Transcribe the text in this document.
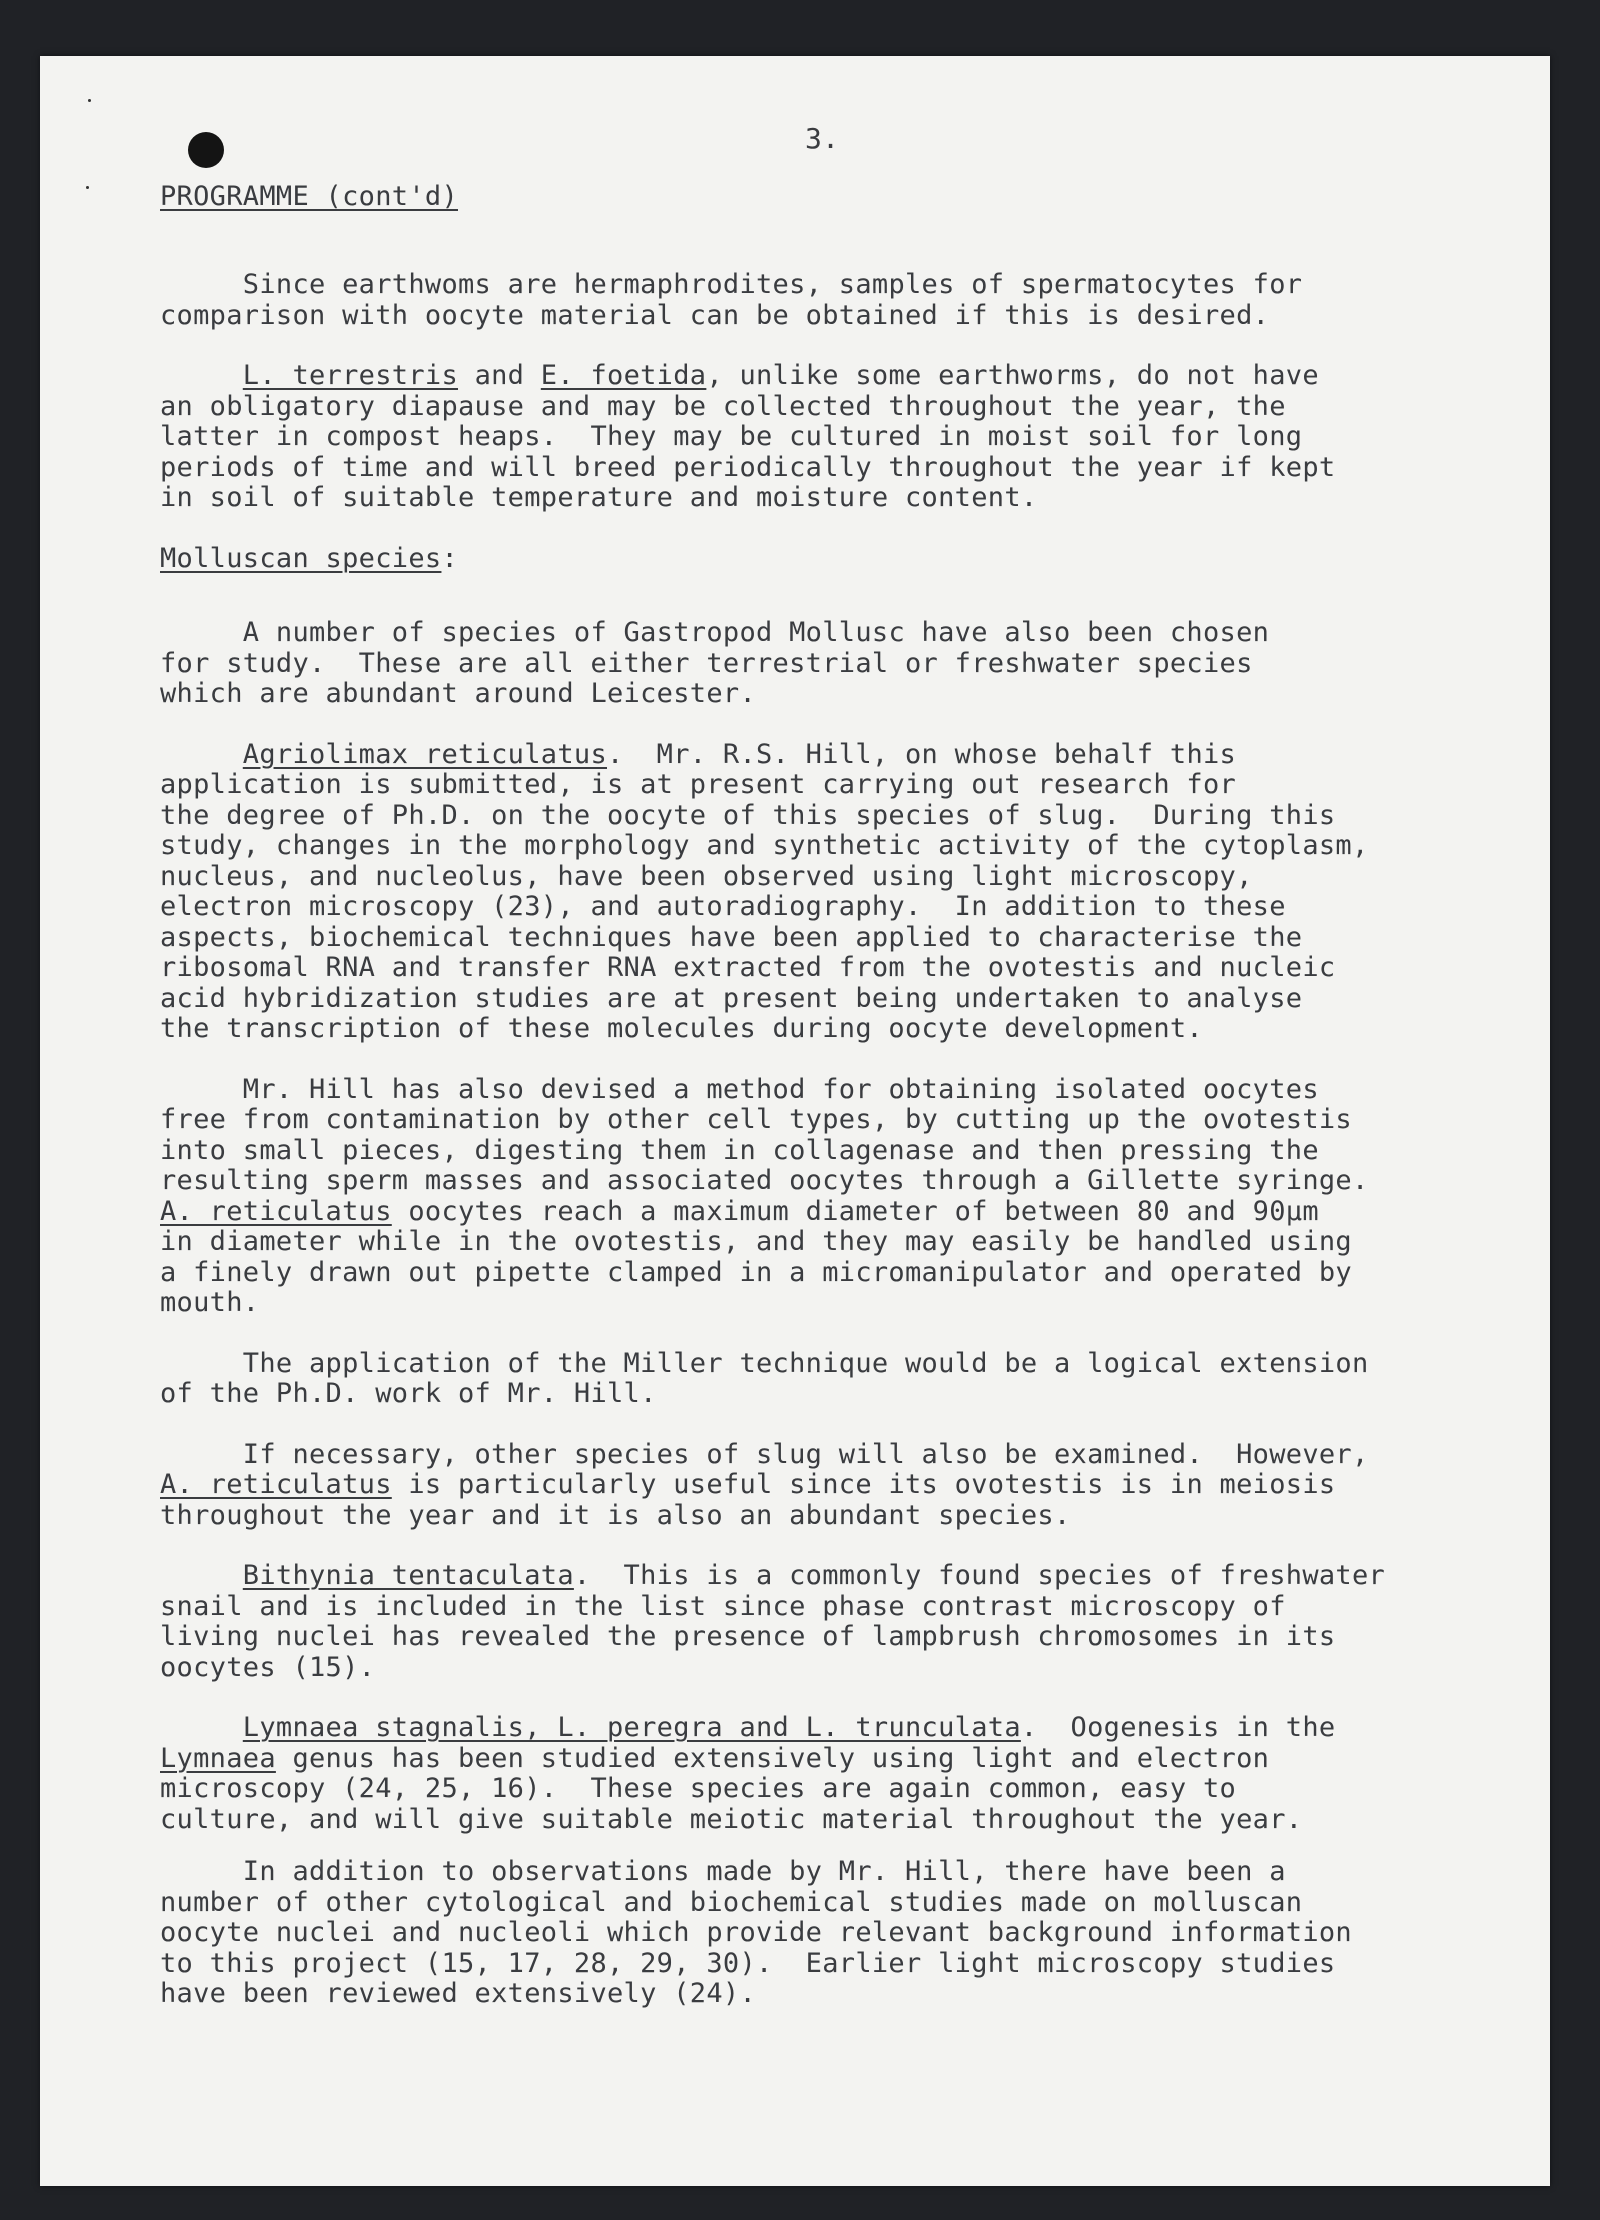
3.
PROGRAMME (cont'd)

Since earthwoms are hermaphrodites, samples of spermatocytes for
comparison with oocyte material can be obtained if this is desired.

L. terrestris and E. foetida, unlike some earthworms, do not have
an obligatory diapause and may be collected throughout the year, the
latter in compost heaps.  They may be cultured in moist soil for long
periods of time and will breed periodically throughout the year if kept
in soil of suitable temperature and moisture content.

Molluscan species:

A number of species of Gastropod Mollusc have also been chosen
for study.  These are all either terrestrial or freshwater species
which are abundant around Leicester.

Agriolimax reticulatus.  Mr. R.S. Hill, on whose behalf this
application is submitted, is at present carrying out research for
the degree of Ph.D. on the oocyte of this species of slug.  During this
study, changes in the morphology and synthetic activity of the cytoplasm,
nucleus, and nucleolus, have been observed using light microscopy,
electron microscopy (23), and autoradiography.  In addition to these
aspects, biochemical techniques have been applied to characterise the
ribosomal RNA and transfer RNA extracted from the ovotestis and nucleic
acid hybridization studies are at present being undertaken to analyse
the transcription of these molecules during oocyte development.

Mr. Hill has also devised a method for obtaining isolated oocytes
free from contamination by other cell types, by cutting up the ovotestis
into small pieces, digesting them in collagenase and then pressing the
resulting sperm masses and associated oocytes through a Gillette syringe.
A. reticulatus oocytes reach a maximum diameter of between 80 and 90µm
in diameter while in the ovotestis, and they may easily be handled using
a finely drawn out pipette clamped in a micromanipulator and operated by
mouth.

The application of the Miller technique would be a logical extension
of the Ph.D. work of Mr. Hill.

If necessary, other species of slug will also be examined.  However,
A. reticulatus is particularly useful since its ovotestis is in meiosis
throughout the year and it is also an abundant species.

Bithynia tentaculata.  This is a commonly found species of freshwater
snail and is included in the list since phase contrast microscopy of
living nuclei has revealed the presence of lampbrush chromosomes in its
oocytes (15).

Lymnaea stagnalis, L. peregra and L. trunculata.  Oogenesis in the
Lymnaea genus has been studied extensively using light and electron
microscopy (24, 25, 16).  These species are again common, easy to
culture, and will give suitable meiotic material throughout the year.

In addition to observations made by Mr. Hill, there have been a
number of other cytological and biochemical studies made on molluscan
oocyte nuclei and nucleoli which provide relevant background information
to this project (15, 17, 28, 29, 30).  Earlier light microscopy studies
have been reviewed extensively (24).
